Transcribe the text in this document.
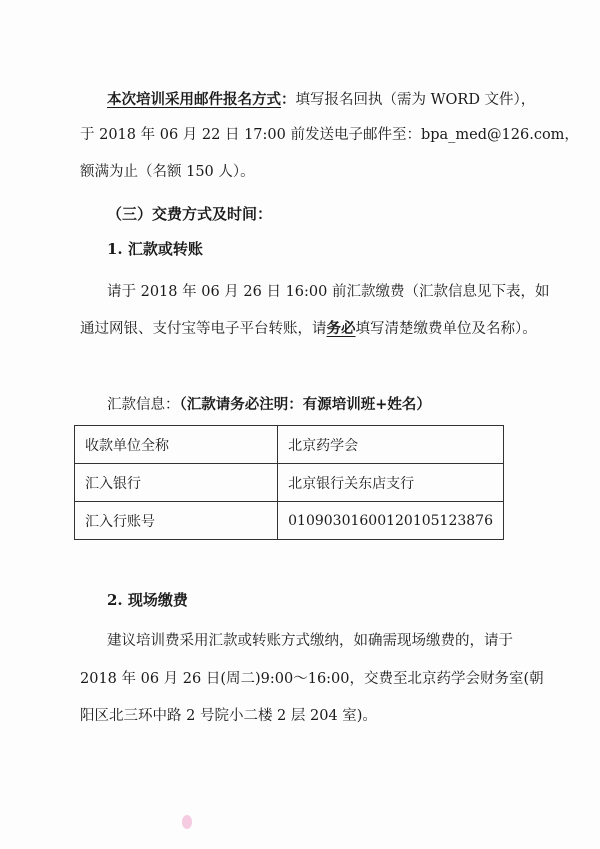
本次培训采用邮件报名方式：填写报名回执（需为 WORD 文件），
于 2018 年 06 月 22 日 17:00 前发送电子邮件至：bpa_med@126.com，
额满为止（名额 150 人）。
（三）交费方式及时间：
1. 汇款或转账
请于 2018 年 06 月 26 日 16:00 前汇款缴费（汇款信息见下表，如
通过网银、支付宝等电子平台转账，请务必填写清楚缴费单位及名称）。
汇款信息：（汇款请务必注明：有源培训班+姓名）
收款单位全称	北京药学会
汇入银行	北京银行关东店支行
汇入行账号	01090301600120105123876
2. 现场缴费
建议培训费采用汇款或转账方式缴纳，如确需现场缴费的，请于
2018 年 06 月 26 日(周二)9:00～16:00，交费至北京药学会财务室(朝
阳区北三环中路 2 号院小二楼 2 层 204 室)。
